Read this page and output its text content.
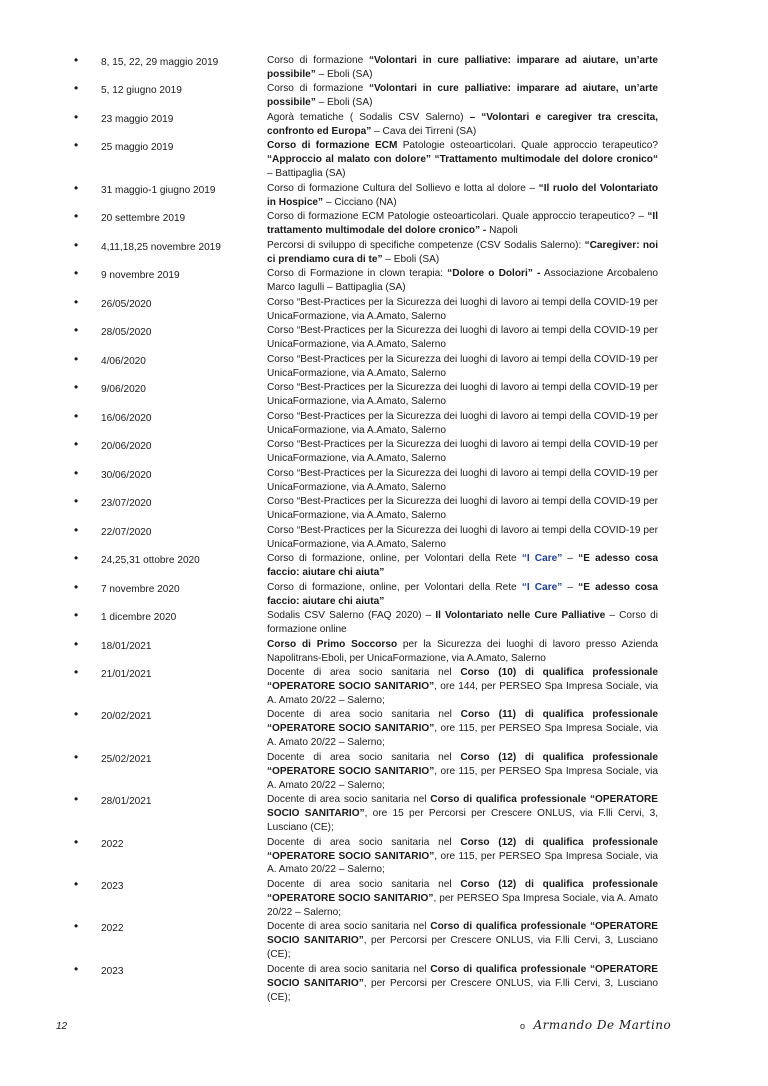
•	8, 15, 22, 29 maggio 2019	Corso di formazione “Volontari in cure palliative: imparare ad aiutare, un’arte possibile” – Eboli (SA)
•	5, 12 giugno 2019	Corso di formazione “Volontari in cure palliative: imparare ad aiutare, un’arte possibile” – Eboli (SA)
•	23 maggio 2019	Agorà tematiche ( Sodalis CSV Salerno) – “Volontari e caregiver tra crescita, confronto ed Europa” – Cava dei Tirreni (SA)
•	25 maggio 2019	Corso di formazione ECM Patologie osteoarticolari. Quale approccio terapeutico? “Approccio al malato con dolore” “Trattamento multimodale del dolore cronico“ – Battipaglia (SA)
•	31 maggio-1 giugno 2019	Corso di formazione Cultura del Sollievo e lotta al dolore – “Il ruolo del Volontariato in Hospice” – Cicciano (NA)
•	20 settembre 2019	Corso di formazione ECM Patologie osteoarticolari. Quale approccio terapeutico? – “Il trattamento multimodale del dolore cronico” - Napoli
•	4,11,18,25 novembre 2019	Percorsi di sviluppo di specifiche competenze (CSV Sodalis Salerno): “Caregiver: noi ci prendiamo cura di te” – Eboli (SA)
•	9 novembre 2019	Corso di Formazione in clown terapia: “Dolore o Dolori” - Associazione Arcobaleno Marco Iagulli – Battipaglia (SA)
•	26/05/2020	Corso “Best-Practices per la Sicurezza dei luoghi di lavoro ai tempi della COVID-19 per UnicaFormazione, via A.Amato, Salerno
•	28/05/2020	Corso “Best-Practices per la Sicurezza dei luoghi di lavoro ai tempi della COVID-19 per UnicaFormazione, via A.Amato, Salerno
•	4/06/2020	Corso “Best-Practices per la Sicurezza dei luoghi di lavoro ai tempi della COVID-19 per UnicaFormazione, via A.Amato, Salerno
•	9/06/2020	Corso “Best-Practices per la Sicurezza dei luoghi di lavoro ai tempi della COVID-19 per UnicaFormazione, via A.Amato, Salerno
•	16/06/2020	Corso “Best-Practices per la Sicurezza dei luoghi di lavoro ai tempi della COVID-19 per UnicaFormazione, via A.Amato, Salerno
•	20/06/2020	Corso “Best-Practices per la Sicurezza dei luoghi di lavoro ai tempi della COVID-19 per UnicaFormazione, via A.Amato, Salerno
•	30/06/2020	Corso “Best-Practices per la Sicurezza dei luoghi di lavoro ai tempi della COVID-19 per UnicaFormazione, via A.Amato, Salerno
•	23/07/2020	Corso “Best-Practices per la Sicurezza dei luoghi di lavoro ai tempi della COVID-19 per UnicaFormazione, via A.Amato, Salerno
•	22/07/2020	Corso “Best-Practices per la Sicurezza dei luoghi di lavoro ai tempi della COVID-19 per UnicaFormazione, via A.Amato, Salerno
•	24,25,31 ottobre 2020	Corso di formazione, online, per Volontari della Rete “I Care” – “E adesso cosa faccio: aiutare chi aiuta”
•	7 novembre 2020	Corso di formazione, online, per Volontari della Rete “I Care” – “E adesso cosa faccio: aiutare chi aiuta”
•	1 dicembre 2020	Sodalis CSV Salerno (FAQ 2020) – Il Volontariato nelle Cure Palliative – Corso di formazione online
•	18/01/2021	Corso di Primo Soccorso per la Sicurezza dei luoghi di lavoro presso Azienda Napolitrans-Eboli, per UnicaFormazione, via A.Amato, Salerno
•	21/01/2021	Docente di area socio sanitaria nel Corso (10) di qualifica professionale “OPERATORE SOCIO SANITARIO”, ore 144, per PERSEO Spa Impresa Sociale, via A. Amato 20/22 – Salerno;
•	20/02/2021	Docente di area socio sanitaria nel Corso (11) di qualifica professionale “OPERATORE SOCIO SANITARIO”, ore 115, per PERSEO Spa Impresa Sociale, via A. Amato 20/22 – Salerno;
•	25/02/2021	Docente di area socio sanitaria nel Corso (12) di qualifica professionale “OPERATORE SOCIO SANITARIO”, ore 115, per PERSEO Spa Impresa Sociale, via A. Amato 20/22 – Salerno;
•	28/01/2021	Docente di area socio sanitaria nel Corso di qualifica professionale “OPERATORE SOCIO SANITARIO”, ore 15 per Percorsi per Crescere ONLUS, via F.lli Cervi, 3, Lusciano (CE);
•	2022	Docente di area socio sanitaria nel Corso (12) di qualifica professionale “OPERATORE SOCIO SANITARIO”, ore 115, per PERSEO Spa Impresa Sociale, via A. Amato 20/22 – Salerno;
•	2023	Docente di area socio sanitaria nel Corso (12) di qualifica professionale “OPERATORE SOCIO SANITARIO”, per PERSEO Spa Impresa Sociale, via A. Amato 20/22 – Salerno;
•	2022	Docente di area socio sanitaria nel Corso di qualifica professionale “OPERATORE SOCIO SANITARIO”, per Percorsi per Crescere ONLUS, via F.lli Cervi, 3, Lusciano (CE);
•	2023	Docente di area socio sanitaria nel Corso di qualifica professionale “OPERATORE SOCIO SANITARIO”, per Percorsi per Crescere ONLUS, via F.lli Cervi, 3, Lusciano (CE);
12	o Armando De Martino
